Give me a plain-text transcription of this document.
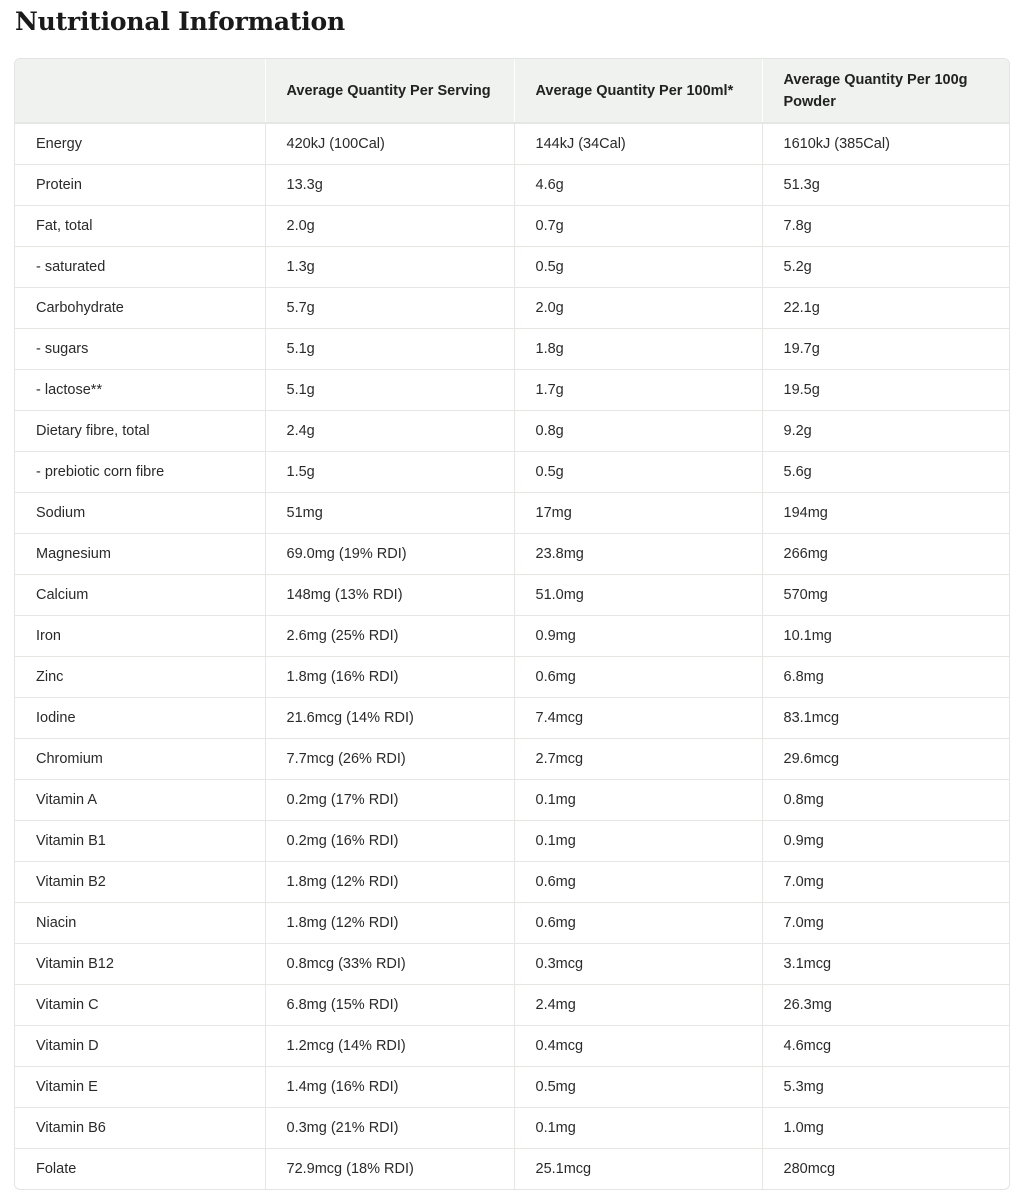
Nutritional Information
	Average Quantity Per Serving	Average Quantity Per 100ml*	Average Quantity Per 100g Powder
Energy	420kJ (100Cal)	144kJ (34Cal)	1610kJ (385Cal)
Protein	13.3g	4.6g	51.3g
Fat, total	2.0g	0.7g	7.8g
- saturated	1.3g	0.5g	5.2g
Carbohydrate	5.7g	2.0g	22.1g
- sugars	5.1g	1.8g	19.7g
- lactose**	5.1g	1.7g	19.5g
Dietary fibre, total	2.4g	0.8g	9.2g
- prebiotic corn fibre	1.5g	0.5g	5.6g
Sodium	51mg	17mg	194mg
Magnesium	69.0mg (19% RDI)	23.8mg	266mg
Calcium	148mg (13% RDI)	51.0mg	570mg
Iron	2.6mg (25% RDI)	0.9mg	10.1mg
Zinc	1.8mg (16% RDI)	0.6mg	6.8mg
Iodine	21.6mcg (14% RDI)	7.4mcg	83.1mcg
Chromium	7.7mcg (26% RDI)	2.7mcg	29.6mcg
Vitamin A	0.2mg (17% RDI)	0.1mg	0.8mg
Vitamin B1	0.2mg (16% RDI)	0.1mg	0.9mg
Vitamin B2	1.8mg (12% RDI)	0.6mg	7.0mg
Niacin	1.8mg (12% RDI)	0.6mg	7.0mg
Vitamin B12	0.8mcg (33% RDI)	0.3mcg	3.1mcg
Vitamin C	6.8mg (15% RDI)	2.4mg	26.3mg
Vitamin D	1.2mcg (14% RDI)	0.4mcg	4.6mcg
Vitamin E	1.4mg (16% RDI)	0.5mg	5.3mg
Vitamin B6	0.3mg (21% RDI)	0.1mg	1.0mg
Folate	72.9mcg (18% RDI)	25.1mcg	280mcg
